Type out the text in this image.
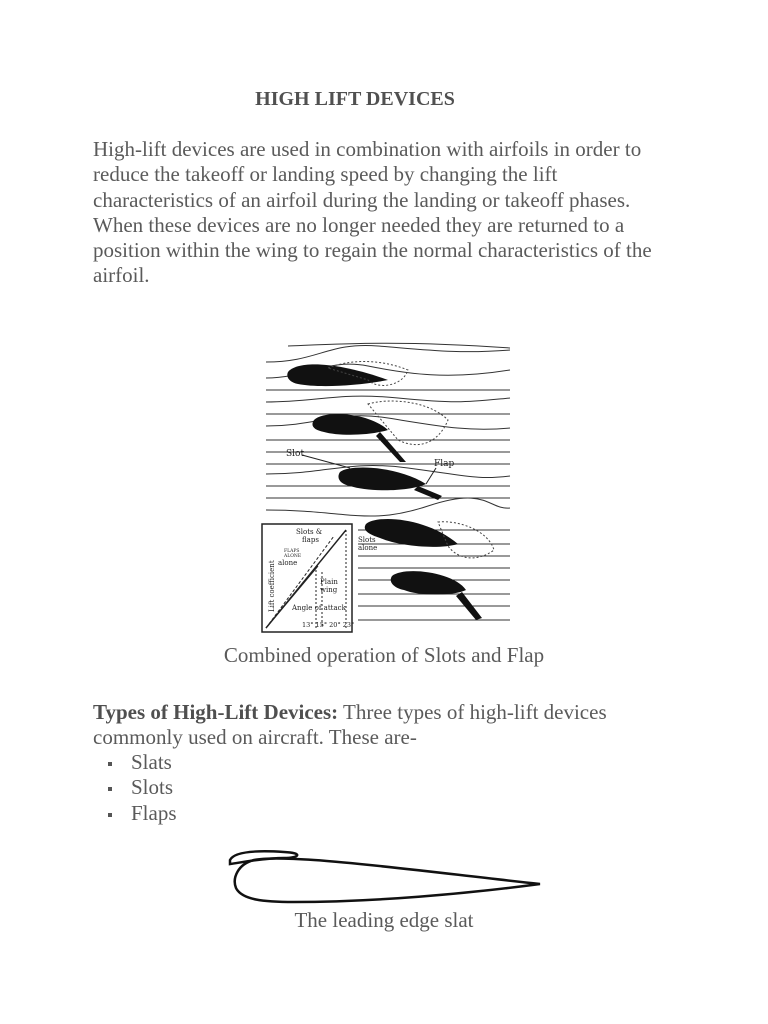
HIGH LIFT DEVICES

High-lift devices are used in combination with airfoils in order to reduce the takeoff or landing speed by changing the lift characteristics of an airfoil during the landing or takeoff phases. When these devices are no longer needed they are returned to a position within the wing to regain the normal characteristics of the airfoil.

Slot
Flap
Lift coefficient
Slots &
flaps
FLAPS
ALONE
alone
Slots
alone
Plain
wing
Angle of attack
13° 15° 20° 23°
Combined operation of Slots and Flap
Types of High-Lift Devices: Three types of high-lift devices commonly used on aircraft. These are-
Slats
Slots
Flaps
The leading edge slat
